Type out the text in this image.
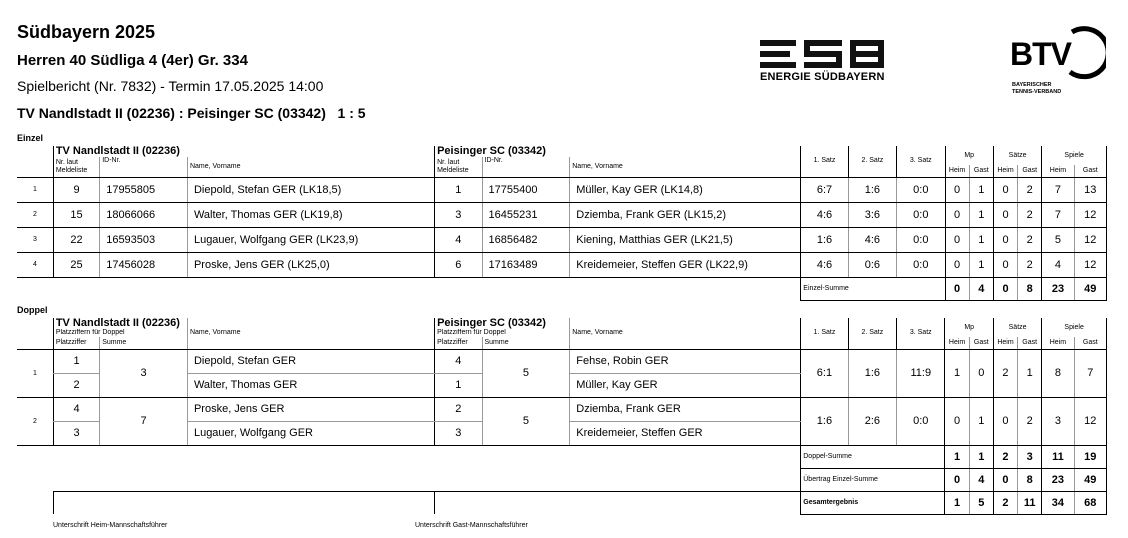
Südbayern 2025
Herren 40 Südliga 4 (4er) Gr. 334
Spielbericht (Nr. 7832) - Termin 17.05.2025 14:00
TV Nandlstadt II (02236) : Peisinger SC (03342)   1 : 5
ENERGIE SÜDBAYERN
BTV
BAYERISCHER
TENNIS-VERBAND
Einzel
Doppel
	TV Nandlstadt II (02236)			Peisinger SC (03342)			1. Satz	2. Satz	3. Satz	Mp		Sätze		Spiele	
	Nr. laut Meldeliste	ID-Nr.	Name, Vorname	Nr. laut Meldeliste	ID-Nr.	Name, Vorname									
										Heim	Gast	Heim	Gast	Heim	Gast
1	9	17955805	Diepold, Stefan GER (LK18,5)	1	17755400	Müller, Kay GER (LK14,8)	6:7	1:6	0:0	0	1	0	2	7	13
2	15	18066066	Walter, Thomas GER (LK19,8)	3	16455231	Dziemba, Frank GER (LK15,2)	4:6	3:6	0:0	0	1	0	2	7	12
3	22	16593503	Lugauer, Wolfgang GER (LK23,9)	4	16856482	Kiening, Matthias GER (LK21,5)	1:6	4:6	0:0	0	1	0	2	5	12
4	25	17456028	Proske, Jens GER (LK25,0)	6	17163489	Kreidemeier, Steffen GER (LK22,9)	4:6	0:6	0:0	0	1	0	2	4	12
							Einzel-Summe			0	4	0	8	23	49
	TV Nandlstadt II (02236)		Name, Vorname	Peisinger SC (03342)		Name, Vorname	1. Satz	2. Satz	3. Satz	Mp		Sätze		Spiele	
	Platzziffern für Doppel			Platzziffern für Doppel											
	Platzziffer	Summe		Platzziffer	Summe					Heim	Gast	Heim	Gast	Heim	Gast
1	1	3	Diepold, Stefan GER	4	5	Fehse, Robin GER	6:1	1:6	11:9	1	0	2	1	8	7
	2		Walter, Thomas GER	1		Müller, Kay GER									
2	4	7	Proske, Jens GER	2	5	Dziemba, Frank GER	1:6	2:6	0:0	0	1	0	2	3	12
	3		Lugauer, Wolfgang GER	3		Kreidemeier, Steffen GER									
							Doppel-Summe			1	1	2	3	11	19
							Übertrag Einzel-Summe			0	4	0	8	23	49
							Gesamtergebnis			1	5	2	11	34	68
Unterschrift Heim-Mannschaftsführer	Unterschrift Gast-Mannschaftsführer
